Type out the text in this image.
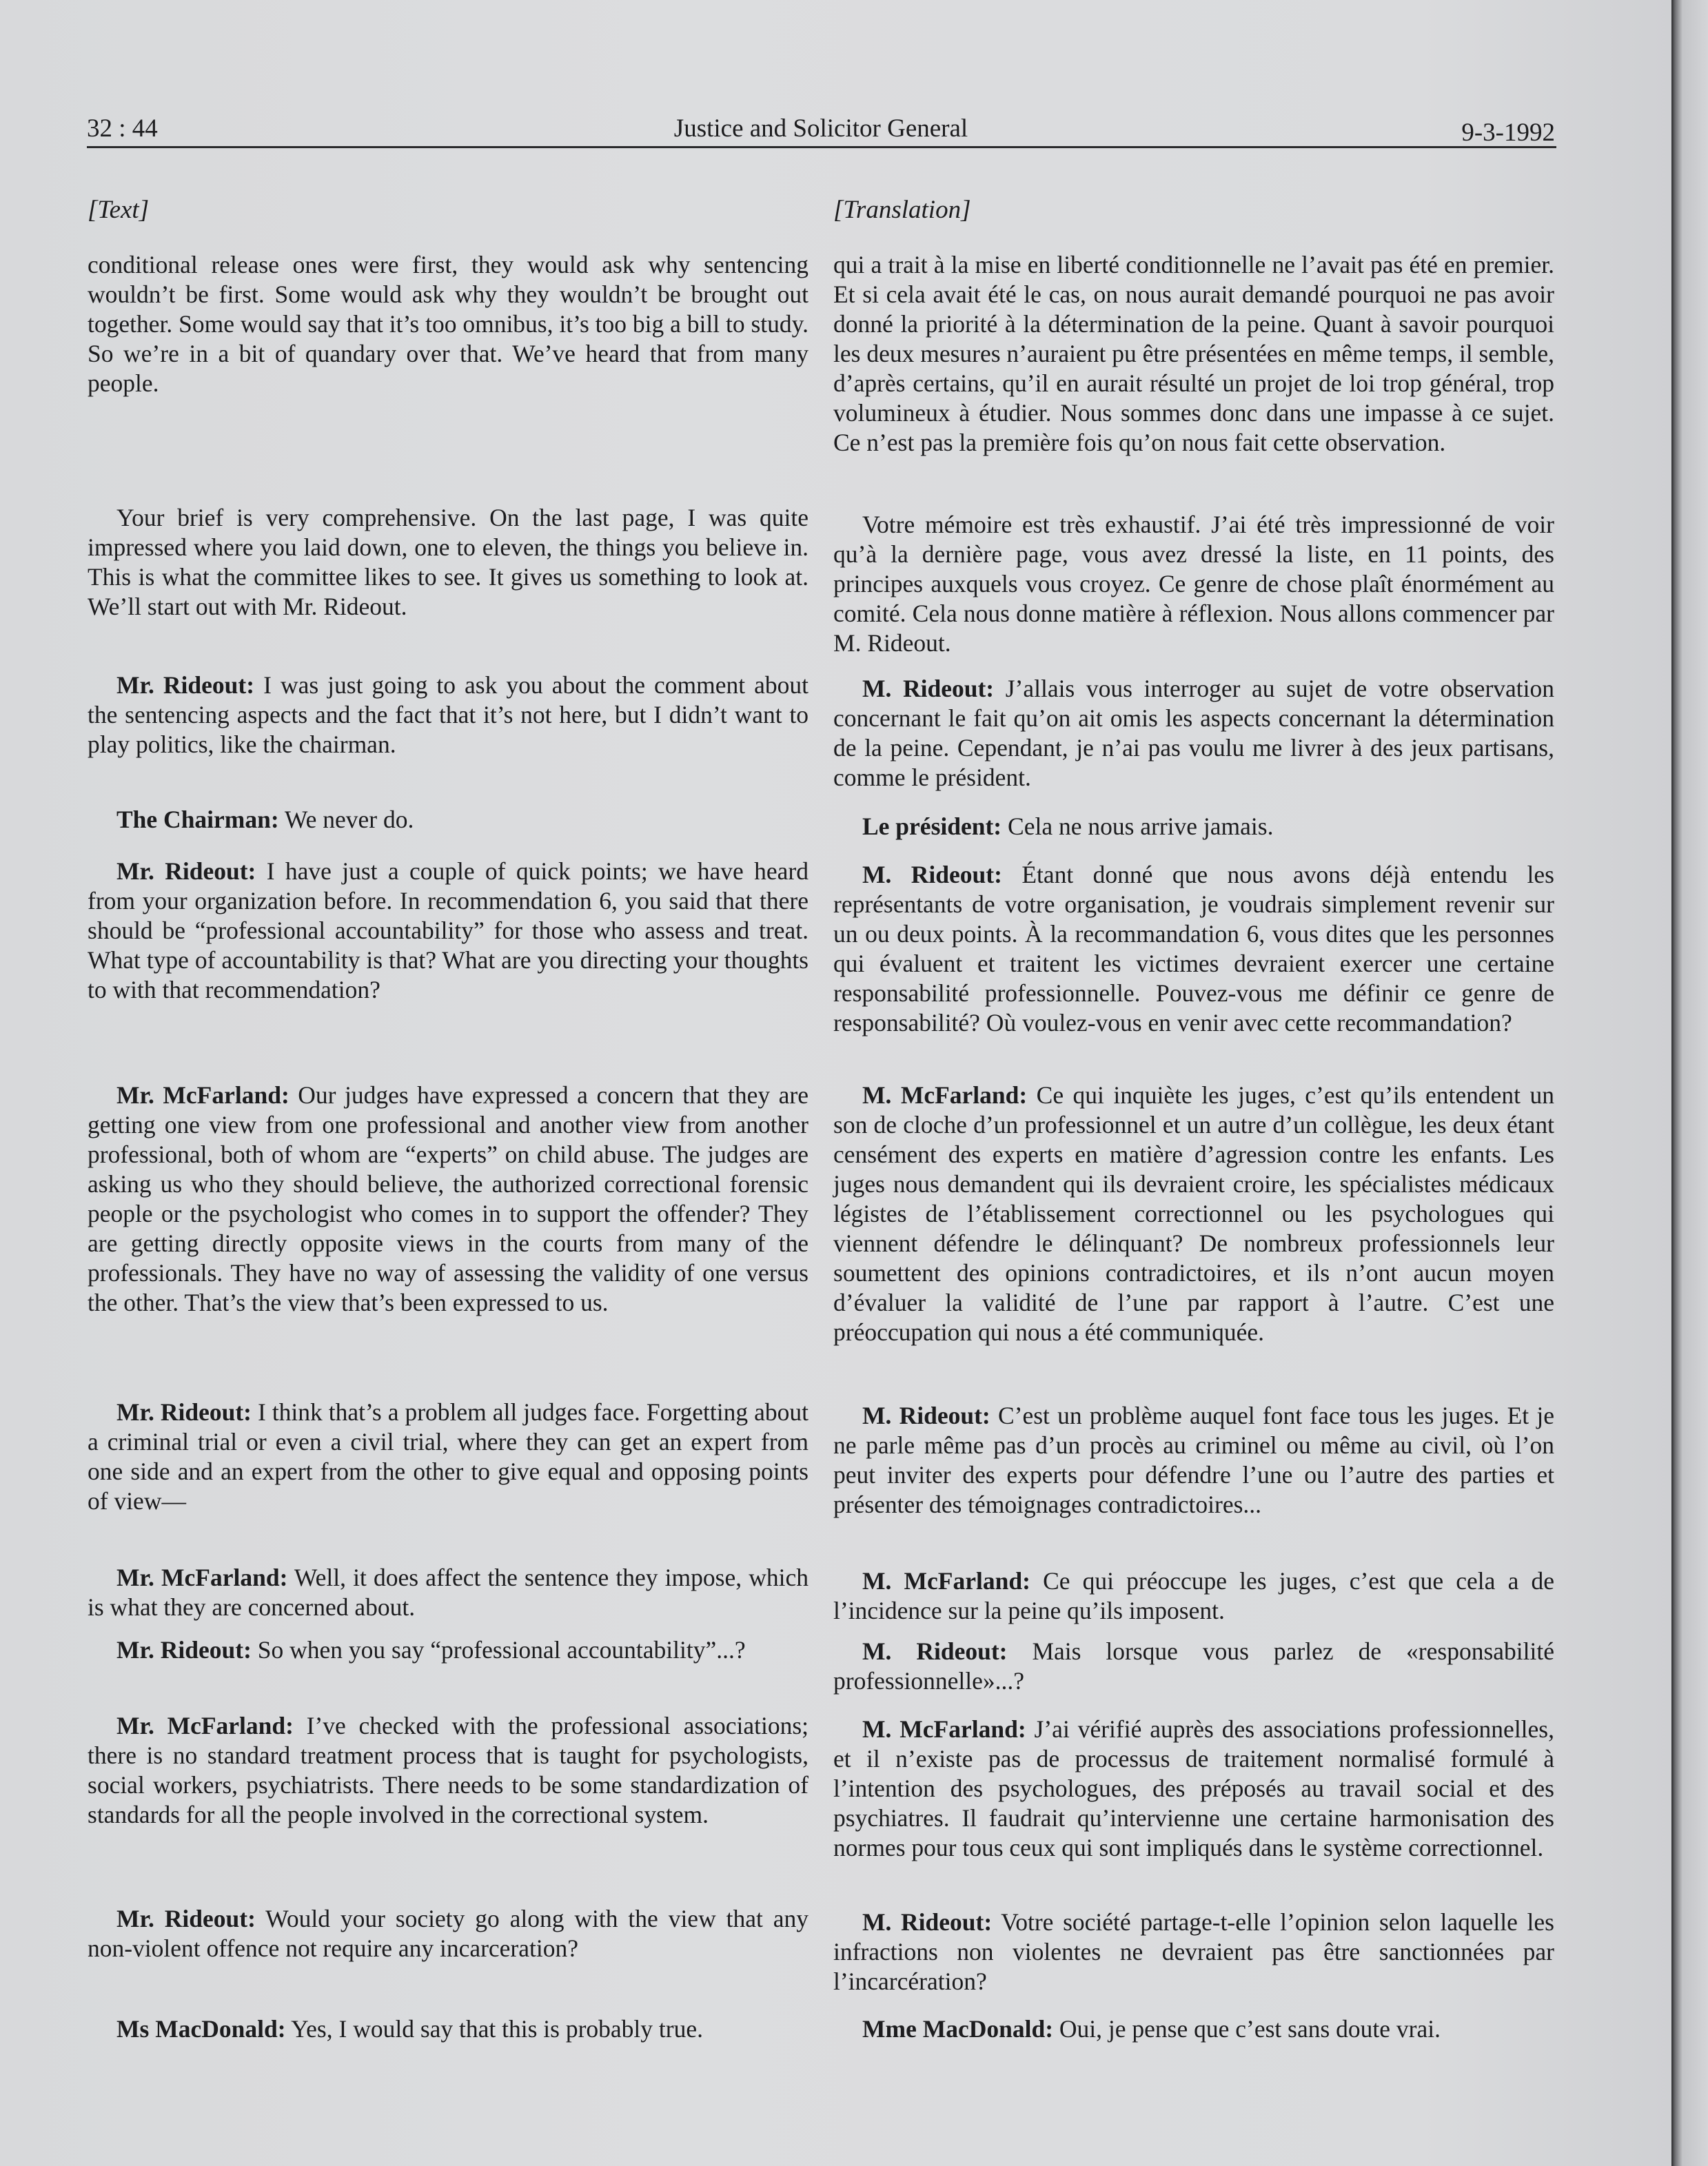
32 : 44	Justice and Solicitor General	9-3-1992
[Text]

conditional release ones were first, they would ask why sentencing wouldn’t be first. Some would ask why they wouldn’t be brought out together. Some would say that it’s too omnibus, it’s too big a bill to study. So we’re in a bit of quandary over that. We’ve heard that from many people.

Your brief is very comprehensive. On the last page, I was quite impressed where you laid down, one to eleven, the things you believe in. This is what the committee likes to see. It gives us something to look at. We’ll start out with Mr. Rideout.

Mr. Rideout: I was just going to ask you about the comment about the sentencing aspects and the fact that it’s not here, but I didn’t want to play politics, like the chairman.

The Chairman: We never do.

Mr. Rideout: I have just a couple of quick points; we have heard from your organization before. In recommendation 6, you said that there should be “professional accountability” for those who assess and treat. What type of accountability is that? What are you directing your thoughts to with that recommendation?

Mr. McFarland: Our judges have expressed a concern that they are getting one view from one professional and another view from another professional, both of whom are “experts” on child abuse. The judges are asking us who they should believe, the authorized correctional forensic people or the psychologist who comes in to support the offender? They are getting directly opposite views in the courts from many of the professionals. They have no way of assessing the validity of one versus the other. That’s the view that’s been expressed to us.

Mr. Rideout: I think that’s a problem all judges face. Forgetting about a criminal trial or even a civil trial, where they can get an expert from one side and an expert from the other to give equal and opposing points of view—

Mr. McFarland: Well, it does affect the sentence they impose, which is what they are concerned about.

Mr. Rideout: So when you say “professional accountability”...?

Mr. McFarland: I’ve checked with the professional associations; there is no standard treatment process that is taught for psychologists, social workers, psychiatrists. There needs to be some standardization of standards for all the people involved in the correctional system.

Mr. Rideout: Would your society go along with the view that any non-violent offence not require any incarceration?

Ms MacDonald: Yes, I would say that this is probably true.

[Translation]

qui a trait à la mise en liberté conditionnelle ne l’avait pas été en premier. Et si cela avait été le cas, on nous aurait demandé pourquoi ne pas avoir donné la priorité à la détermination de la peine. Quant à savoir pourquoi les deux mesures n’auraient pu être présentées en même temps, il semble, d’après certains, qu’il en aurait résulté un projet de loi trop général, trop volumineux à étudier. Nous sommes donc dans une impasse à ce sujet. Ce n’est pas la première fois qu’on nous fait cette observation.

Votre mémoire est très exhaustif. J’ai été très impressionné de voir qu’à la dernière page, vous avez dressé la liste, en 11 points, des principes auxquels vous croyez. Ce genre de chose plaît énormément au comité. Cela nous donne matière à réflexion. Nous allons commencer par M. Rideout.

M. Rideout: J’allais vous interroger au sujet de votre observation concernant le fait qu’on ait omis les aspects concernant la détermination de la peine. Cependant, je n’ai pas voulu me livrer à des jeux partisans, comme le président.

Le président: Cela ne nous arrive jamais.

M. Rideout: Étant donné que nous avons déjà entendu les représentants de votre organisation, je voudrais simplement revenir sur un ou deux points. À la recommandation 6, vous dites que les personnes qui évaluent et traitent les victimes devraient exercer une certaine responsabilité professionnelle. Pouvez-vous me définir ce genre de responsabilité? Où voulez-vous en venir avec cette recommandation?

M. McFarland: Ce qui inquiète les juges, c’est qu’ils entendent un son de cloche d’un professionnel et un autre d’un collègue, les deux étant censément des experts en matière d’agression contre les enfants. Les juges nous demandent qui ils devraient croire, les spécialistes médicaux légistes de l’établissement correctionnel ou les psychologues qui viennent défendre le délinquant? De nombreux professionnels leur soumettent des opinions contradictoires, et ils n’ont aucun moyen d’évaluer la validité de l’une par rapport à l’autre. C’est une préoccupation qui nous a été communiquée.

M. Rideout: C’est un problème auquel font face tous les juges. Et je ne parle même pas d’un procès au criminel ou même au civil, où l’on peut inviter des experts pour défendre l’une ou l’autre des parties et présenter des témoignages contradictoires...

M. McFarland: Ce qui préoccupe les juges, c’est que cela a de l’incidence sur la peine qu’ils imposent.

M. Rideout: Mais lorsque vous parlez de «responsabilité professionnelle»...?

M. McFarland: J’ai vérifié auprès des associations professionnelles, et il n’existe pas de processus de traitement normalisé formulé à l’intention des psychologues, des préposés au travail social et des psychiatres. Il faudrait qu’intervienne une certaine harmonisation des normes pour tous ceux qui sont impliqués dans le système correctionnel.

M. Rideout: Votre société partage-t-elle l’opinion selon laquelle les infractions non violentes ne devraient pas être sanctionnées par l’incarcération?

Mme MacDonald: Oui, je pense que c’est sans doute vrai.
